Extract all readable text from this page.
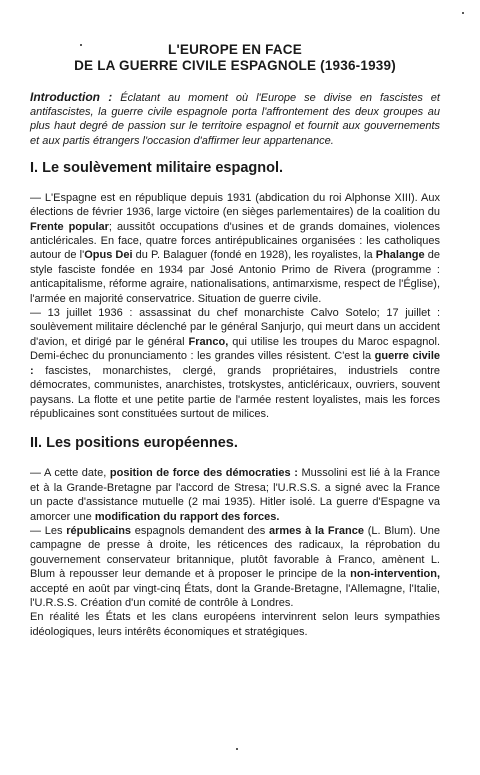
L'EUROPE EN FACE
DE LA GUERRE CIVILE ESPAGNOLE (1936-1939)

Introduction : Éclatant au moment où l'Europe se divise en fascistes et antifascistes, la guerre civile espagnole porta l'affrontement des deux groupes au plus haut degré de passion sur le territoire espagnol et fournit aux gouvernements et aux partis étrangers l'occasion d'affirmer leur appartenance.

I. Le soulèvement militaire espagnol.

— L'Espagne est en république depuis 1931 (abdication du roi Alphonse XIII). Aux élections de février 1936, large victoire (en sièges parlementaires) de la coalition du Frente popular; aussitôt occupations d'usines et de grands domaines, violences anticléricales. En face, quatre forces antirépublicaines organisées : les catholiques autour de l'Opus Dei du P. Balaguer (fondé en 1928), les royalistes, la Phalange de style fasciste fondée en 1934 par José Antonio Primo de Rivera (programme : anticapitalisme, réforme agraire, nationalisations, antimarxisme, respect de l'Église), l'armée en majorité conservatrice. Situation de guerre civile.

— 13 juillet 1936 : assassinat du chef monarchiste Calvo Sotelo; 17 juillet : soulèvement militaire déclenché par le général Sanjurjo, qui meurt dans un accident d'avion, et dirigé par le général Franco, qui utilise les troupes du Maroc espagnol. Demi-échec du pronunciamento : les grandes villes résistent. C'est la guerre civile : fascistes, monarchistes, clergé, grands propriétaires, industriels contre démocrates, communistes, anarchistes, trotskystes, anticléricaux, ouvriers, souvent paysans. La flotte et une petite partie de l'armée restent loyalistes, mais les forces républicaines sont constituées surtout de milices.

II. Les positions européennes.

— A cette date, position de force des démocraties : Mussolini est lié à la France et à la Grande-Bretagne par l'accord de Stresa; l'U.R.S.S. a signé avec la France un pacte d'assistance mutuelle (2 mai 1935). Hitler isolé. La guerre d'Espagne va amorcer une modification du rapport des forces.

— Les républicains espagnols demandent des armes à la France (L. Blum). Une campagne de presse à droite, les réticences des radicaux, la réprobation du gouvernement conservateur britannique, plutôt favorable à Franco, amènent L. Blum à repousser leur demande et à proposer le principe de la non-intervention, accepté en août par vingt-cinq États, dont la Grande-Bretagne, l'Allemagne, l'Italie, l'U.R.S.S. Création d'un comité de contrôle à Londres.

En réalité les États et les clans européens intervinrent selon leurs sympathies idéologiques, leurs intérêts économiques et stratégiques.
